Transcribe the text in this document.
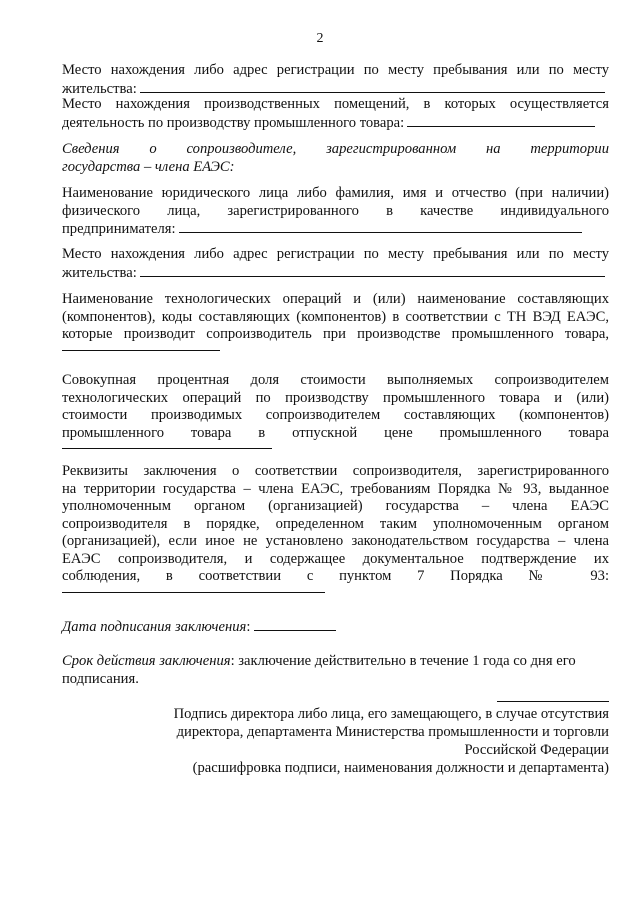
2
Место нахождения либо адрес регистрации по месту пребывания или по месту
жительства:
Место нахождения производственных помещений, в которых осуществляется
деятельность по производству промышленного товара:
Сведения о сопроизводителе, зарегистрированном на территории
государства – члена ЕАЭС:
Наименование юридического лица либо фамилия, имя и отчество (при наличии)
физического лица, зарегистрированного в качестве индивидуального
предпринимателя:
Место нахождения либо адрес регистрации по месту пребывания или по месту
жительства:
Наименование технологических операций и (или) наименование составляющих
(компонентов), коды составляющих (компонентов) в соответствии с ТН ВЭД ЕАЭС,
которые производит сопроизводитель при производстве промышленного товара,
Совокупная процентная доля стоимости выполняемых сопроизводителем
технологических операций по производству промышленного товара и (или)
стоимости производимых сопроизводителем составляющих (компонентов)
промышленного товара в отпускной цене промышленного товара
Реквизиты заключения о соответствии сопроизводителя, зарегистрированного
на территории государства – члена ЕАЭС, требованиям Порядка № 93, выданное
уполномоченным органом (организацией) государства – члена ЕАЭС
сопроизводителя в порядке, определенном таким уполномоченным органом
(организацией), если иное не установлено законодательством государства – члена
ЕАЭС сопроизводителя, и содержащее документальное подтверждение их
соблюдения, в соответствии с пунктом 7 Порядка № 93:
Дата подписания заключения:
Срок действия заключения: заключение действительно в течение 1 года со дня его
подписания.
Подпись директора либо лица, его замещающего, в случае отсутствия
директора, департамента Министерства промышленности и торговли
Российской Федерации
(расшифровка подписи, наименования должности и департамента)
